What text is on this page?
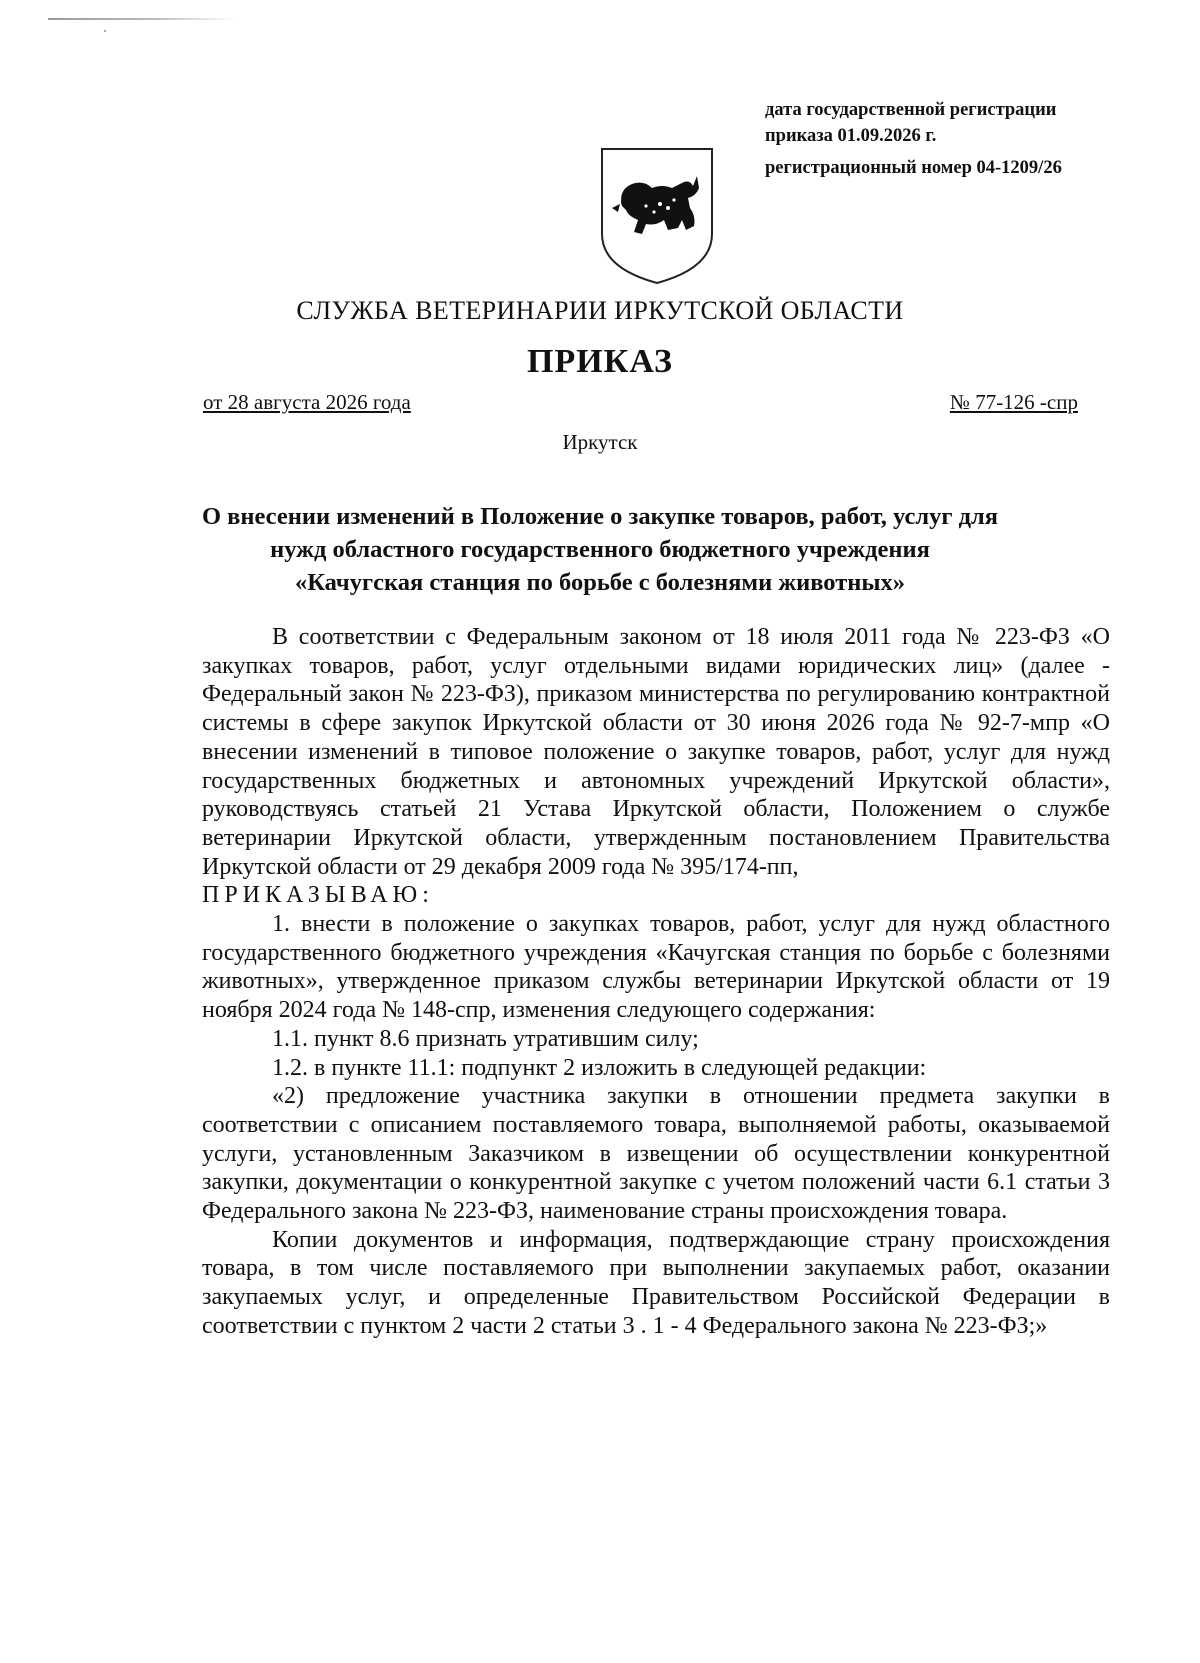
дата государственной регистрации
приказа 01.09.2026 г.
регистрационный номер 04-1209/26
СЛУЖБА ВЕТЕРИНАРИИ ИРКУТСКОЙ ОБЛАСТИ
ПРИКАЗ
от 28 августа 2026 года	№ 77-126 -спр
Иркутск
О внесении изменений в Положение о закупке товаров, работ, услуг для
нужд областного государственного бюджетного учреждения
«Качугская станция по борьбе с болезнями животных»

В соответствии с Федеральным законом от 18 июля 2011 года № 223-ФЗ «О закупках товаров, работ, услуг отдельными видами юридических лиц» (далее - Федеральный закон № 223-ФЗ), приказом министерства по регулированию контрактной системы в сфере закупок Иркутской области от 30 июня 2026 года № 92-7-мпр «О внесении изменений в типовое положение о закупке товаров, работ, услуг для нужд государственных бюджетных и автономных учреждений Иркутской области», руководствуясь статьей 21 Устава Иркутской области, Положением о службе ветеринарии Иркутской области, утвержденным постановлением Правительства Иркутской области от 29 декабря 2009 года № 395/174-пп,

ПРИКАЗЫВАЮ:

1. внести в положение о закупках товаров, работ, услуг для нужд областного государственного бюджетного учреждения «Качугская станция по борьбе с болезнями животных», утвержденное приказом службы ветеринарии Иркутской области от 19 ноября 2024 года № 148-спр, изменения следующего содержания:

1.1. пункт 8.6 признать утратившим силу;

1.2. в пункте 11.1: подпункт 2 изложить в следующей редакции:

«2) предложение участника закупки в отношении предмета закупки в соответствии с описанием поставляемого товара, выполняемой работы, оказываемой услуги, установленным Заказчиком в извещении об осуществлении конкурентной закупки, документации о конкурентной закупке с учетом положений части 6.1 статьи 3 Федерального закона № 223-ФЗ, наименование страны происхождения товара.

Копии документов и информация, подтверждающие страну происхождения товара, в том числе поставляемого при выполнении закупаемых работ, оказании закупаемых услуг, и определенные Правительством Российской Федерации в соответствии с пунктом 2 части 2 статьи 3 . 1 - 4 Федерального закона № 223-ФЗ;»
